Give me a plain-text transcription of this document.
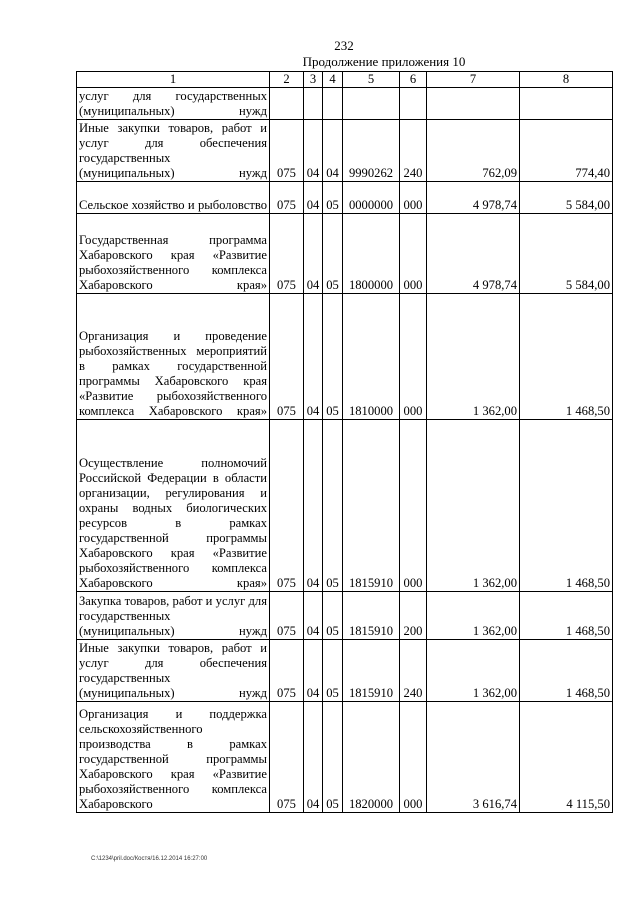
232
Продолжение приложения 10
1	2	3	4	5	6	7	8
услуг для государственных (муниципальных) нужд							
Иные закупки товаров, работ и услуг для обеспечения государственных (муниципальных) нужд	075	04	04	9990262	240	762,09	774,40
Сельское хозяйство и рыболовство	075	04	05	0000000	000	4 978,74	5 584,00
Государственная программа Хабаровского края «Развитие рыбохозяйственного комплекса Хабаровского края»	075	04	05	1800000	000	4 978,74	5 584,00
Организация и проведение рыбохозяйственных мероприятий в рамках государственной программы Хабаровского края «Развитие рыбохозяйственного комплекса Хабаровского края»	075	04	05	1810000	000	1 362,00	1 468,50
Осуществление полномочий Российской Федерации в области организации, регулирования и охраны водных биологических ресурсов в рамках государственной программы Хабаровского края «Развитие рыбохозяйственного комплекса Хабаровского края»	075	04	05	1815910	000	1 362,00	1 468,50
Закупка товаров, работ и услуг для государственных (муниципальных) нужд	075	04	05	1815910	200	1 362,00	1 468,50
Иные закупки товаров, работ и услуг для обеспечения государственных (муниципальных) нужд	075	04	05	1815910	240	1 362,00	1 468,50
Организация и поддержка сельскохозяйственного производства в рамках государственной программы Хабаровского края «Развитие рыбохозяйственного комплекса Хабаровского	075	04	05	1820000	000	3 616,74	4 115,50
C:\1234\pril.doc/Костя/16.12.2014 16:27:00
